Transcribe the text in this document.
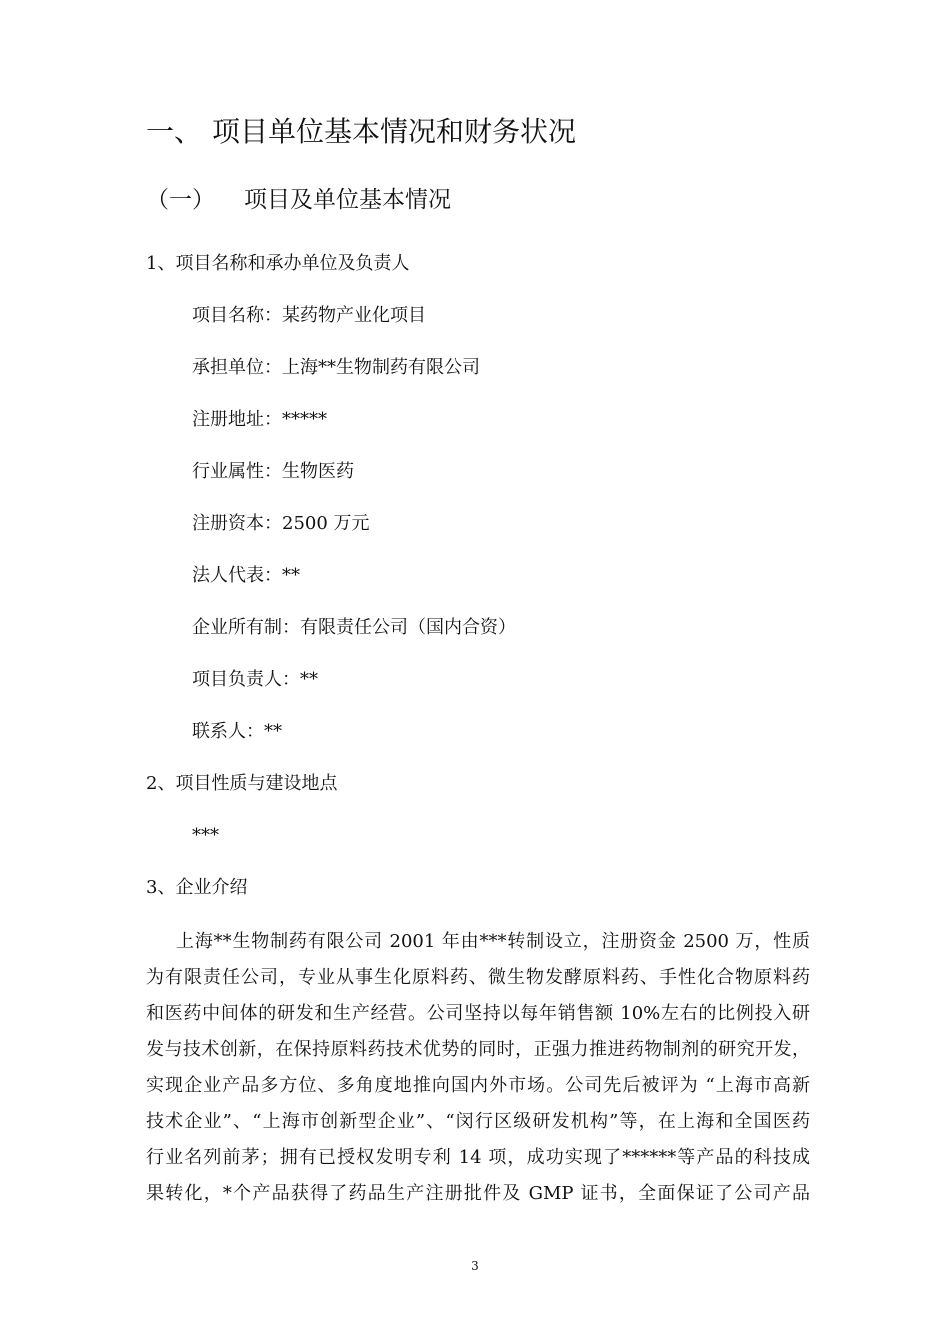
一、 项目单位基本情况和财务状况
（一） 项目及单位基本情况
1、项目名称和承办单位及负责人
项目名称：某药物产业化项目
承担单位：上海**生物制药有限公司
注册地址：*****
行业属性：生物医药
注册资本：2500 万元
法人代表：**
企业所有制：有限责任公司（国内合资）
项目负责人：**
联系人：**
2、项目性质与建设地点
***
3、企业介绍
上海**生物制药有限公司 2001 年由***转制设立，注册资金 2500 万，性质
为有限责任公司，专业从事生化原料药、微生物发酵原料药、手性化合物原料药
和医药中间体的研发和生产经营。公司坚持以每年销售额 10%左右的比例投入研
发与技术创新，在保持原料药技术优势的同时，正强力推进药物制剂的研究开发，
实现企业产品多方位、多角度地推向国内外市场。公司先后被评为 “上海市高新
技术企业”、“上海市创新型企业”、“闵行区级研发机构”等，在上海和全国医药
行业名列前茅；拥有已授权发明专利 14 项，成功实现了******等产品的科技成
果转化，*个产品获得了药品生产注册批件及 GMP 证书，全面保证了公司产品
3
